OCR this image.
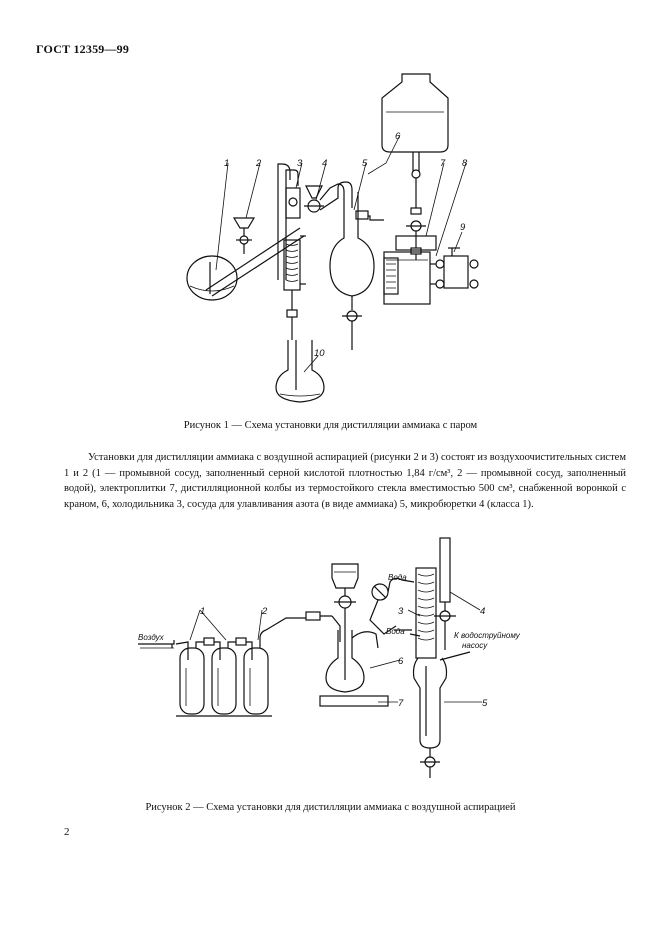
ГОСТ 12359—99
1	2	3 4	5
6
7 8
9
10
Рисунок 1 — Схема установки для дистилляции аммиака с паром

Установки для дистилляции аммиака с воздушной аспирацией (рисунки 2 и 3) состоят из воздухоочистительных систем 1 и 2 (1 — промывной сосуд, заполненный серной кислотой плотностью 1,84 г/см³, 2 — промывной сосуд, заполненный водой), электроплитки 7, дистилляционной колбы из термостойкого стекла вместимостью 500 см³, снабженной воронкой с краном, 6, холодильника 3, сосуда для улавливания азота (в виде аммиака) 5, микробюретки 4 (класса 1).

1	2	3	4
5
6
7
Воздух
Вода
Вода	К водоструйному
насосу
Рисунок 2 — Схема установки для дистилляции аммиака с воздушной аспирацией
2
